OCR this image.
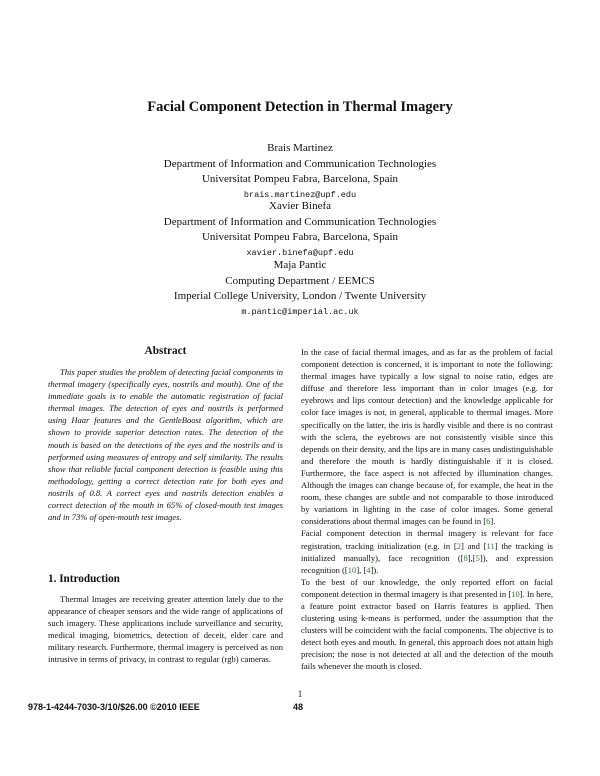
Facial Component Detection in Thermal Imagery
Brais Martinez
Department of Information and Communication Technologies
Universitat Pompeu Fabra, Barcelona, Spain
brais.martinez@upf.edu
Xavier Binefa
Department of Information and Communication Technologies
Universitat Pompeu Fabra, Barcelona, Spain
xavier.binefa@upf.edu
Maja Pantic
Computing Department / EEMCS
Imperial College University, London / Twente University
m.pantic@imperial.ac.uk
Abstract
This paper studies the problem of detecting facial components in thermal imagery (specifically eyes, nostrils and mouth). One of the immediate goals is to enable the automatic registration of facial thermal images. The detection of eyes and nostrils is performed using Haar features and the GentleBoost algorithm, which are shown to provide superior detection rates. The detection of the mouth is based on the detections of the eyes and the nostrils and is performed using measures of entropy and self similarity. The results show that reliable facial component detection is feasible using this methodology, getting a correct detection rate for both eyes and nostrils of 0.8. A correct eyes and nostrils detection enables a correct detection of the mouth in 65% of closed-mouth test images and in 73% of open-mouth test images.
1. Introduction

Thermal Images are receiving greater attention lately due to the appearance of cheaper sensors and the wide range of applications of such imagery. These applications include surveillance and security, medical imaging, biometrics, detection of deceit, elder care and military research. Furthermore, thermal imagery is perceived as non intrusive in terms of privacy, in contrast to regular (rgb) cameras.

In the case of facial thermal images, and as far as the problem of facial component detection is concerned, it is important to note the following: thermal images have typically a low signal to noise ratio, edges are diffuse and therefore less important than in color images (e.g. for eyebrows and lips contour detection) and the knowledge applicable for color face images is not, in general, applicable to thermal images. More specifically on the latter, the iris is hardly visible and there is no contrast with the sclera, the eyebrows are not consistently visible since this depends on their density, and the lips are in many cases undistinguishable and therefore the mouth is hardly distinguishable if it is closed. Furthermore, the face aspect is not affected by illumination changes. Although the images can change because of, for example, the heat in the room, these changes are subtle and not comparable to those introduced by variations in lighting in the case of color images. Some general considerations about thermal images can be found in [6].

Facial component detection in thermal imagery is relevant for face registration, tracking initialization (e.g. in [2] and [11] the tracking is initialized manually), face recognition ([8],[5]), and expression recognition ([10], [4]).

To the best of our knowledge, the only reported effort on facial component detection in thermal imagery is that presented in [10]. In here, a feature point extractor based on Harris features is applied. Then clustering using k-means is performed, under the assumption that the clusters will be coincident with the facial components. The objective is to detect both eyes and mouth. In general, this approach does not attain high precision; the nose is not detected at all and the detection of the mouth fails whenever the mouth is closed.

1
978-1-4244-7030-3/10/$26.00 ©2010 IEEE	48
